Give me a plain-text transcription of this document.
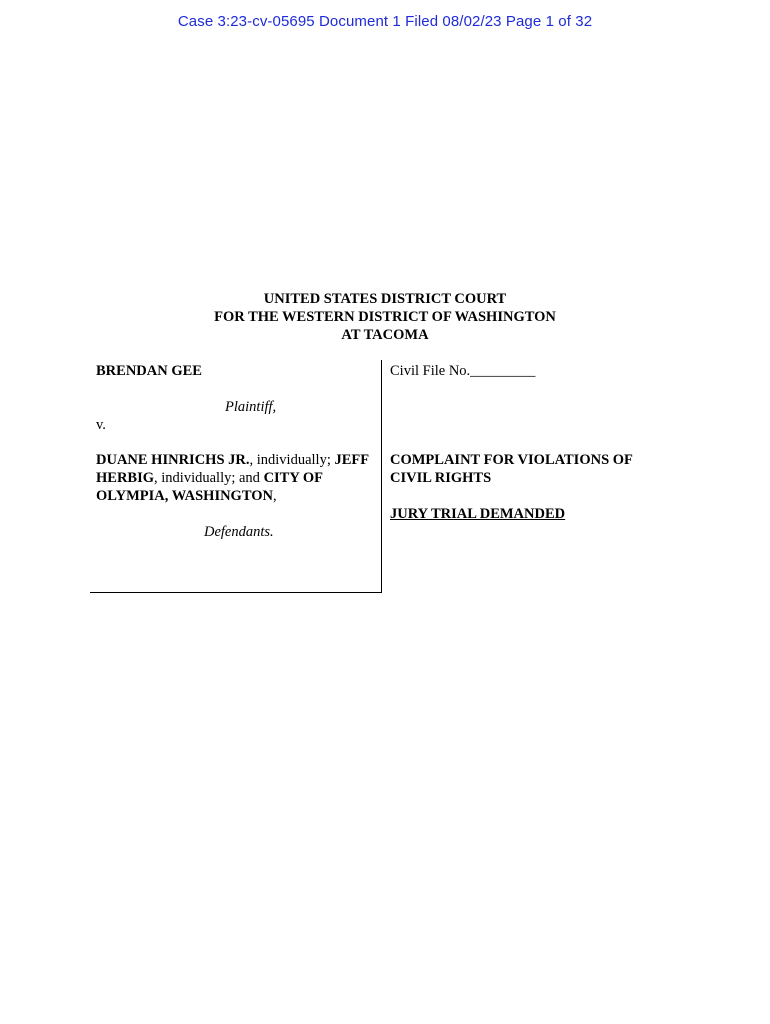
Case 3:23-cv-05695 Document 1 Filed 08/02/23 Page 1 of 32
UNITED STATES DISTRICT COURT
FOR THE WESTERN DISTRICT OF WASHINGTON
AT TACOMA
BRENDAN GEE
Plaintiff,
v.
DUANE HINRICHS JR., individually; JEFF HERBIG, individually; and CITY OF OLYMPIA, WASHINGTON,
Defendants.
Civil File No._________
COMPLAINT FOR VIOLATIONS OF CIVIL RIGHTS
JURY TRIAL DEMANDED
